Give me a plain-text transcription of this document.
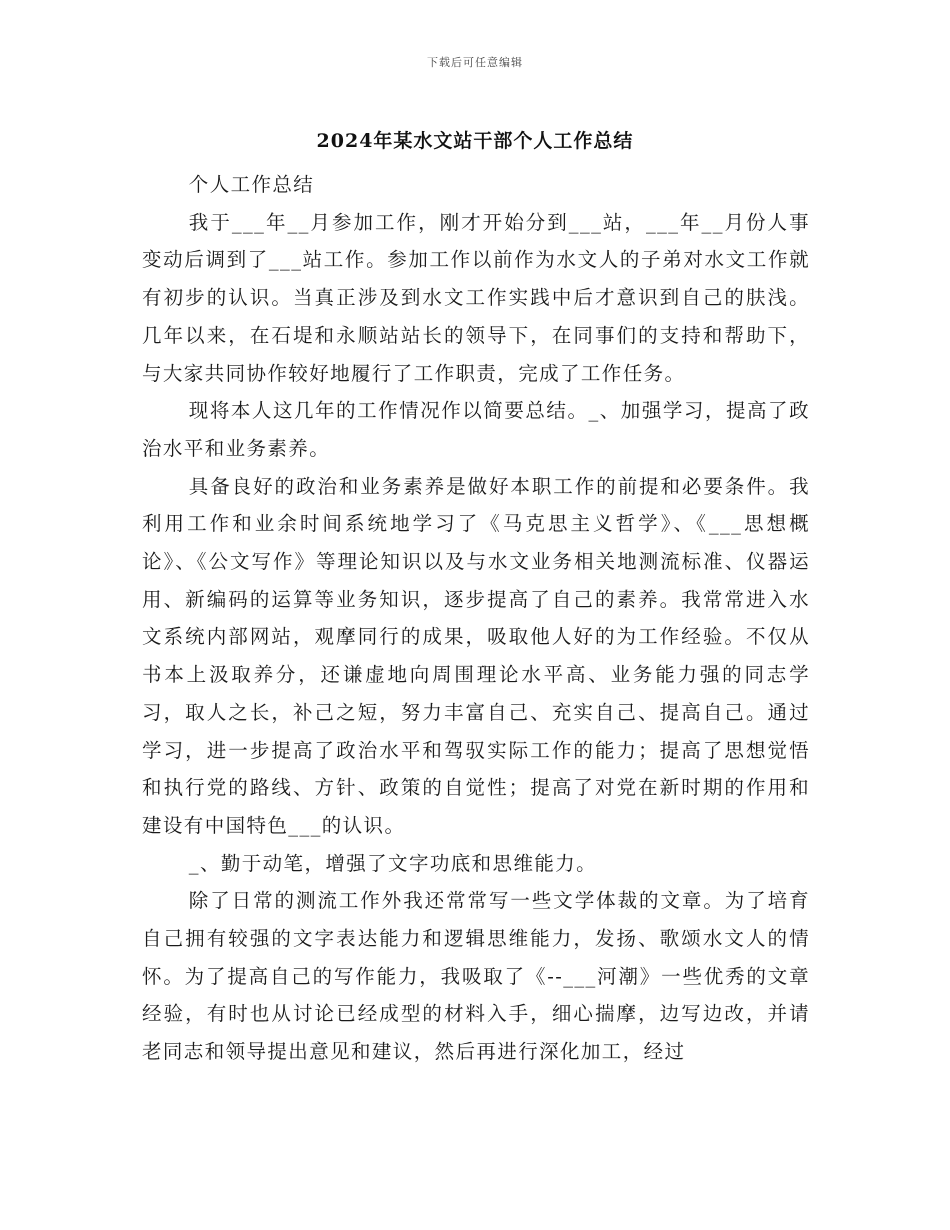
下载后可任意编辑
2024年某水文站干部个人工作总结

个人工作总结

我于___年__月参加工作，刚才开始分到___站，___年__月份人事变动后调到了___站工作。参加工作以前作为水文人的子弟对水文工作就有初步的认识。当真正涉及到水文工作实践中后才意识到自己的肤浅。几年以来，在石堤和永顺站站长的领导下，在同事们的支持和帮助下，与大家共同协作较好地履行了工作职责，完成了工作任务。

现将本人这几年的工作情况作以简要总结。_、加强学习，提高了政治水平和业务素养。

具备良好的政治和业务素养是做好本职工作的前提和必要条件。我利用工作和业余时间系统地学习了《马克思主义哲学》、《___思想概论》、《公文写作》等理论知识以及与水文业务相关地测流标准、仪器运用、新编码的运算等业务知识，逐步提高了自己的素养。我常常进入水文系统内部网站，观摩同行的成果，吸取他人好的为工作经验。不仅从书本上汲取养分，还谦虚地向周围理论水平高、业务能力强的同志学习，取人之长，补己之短，努力丰富自己、充实自己、提高自己。通过学习，进一步提高了政治水平和驾驭实际工作的能力；提高了思想觉悟和执行党的路线、方针、政策的自觉性；提高了对党在新时期的作用和建设有中国特色___的认识。

_、勤于动笔，增强了文字功底和思维能力。

除了日常的测流工作外我还常常写一些文学体裁的文章。为了培育自己拥有较强的文字表达能力和逻辑思维能力，发扬、歌颂水文人的情怀。为了提高自己的写作能力，我吸取了《--___河潮》一些优秀的文章经验，有时也从讨论已经成型的材料入手，细心揣摩，边写边改，并请老同志和领导提出意见和建议，然后再进行深化加工，经过
